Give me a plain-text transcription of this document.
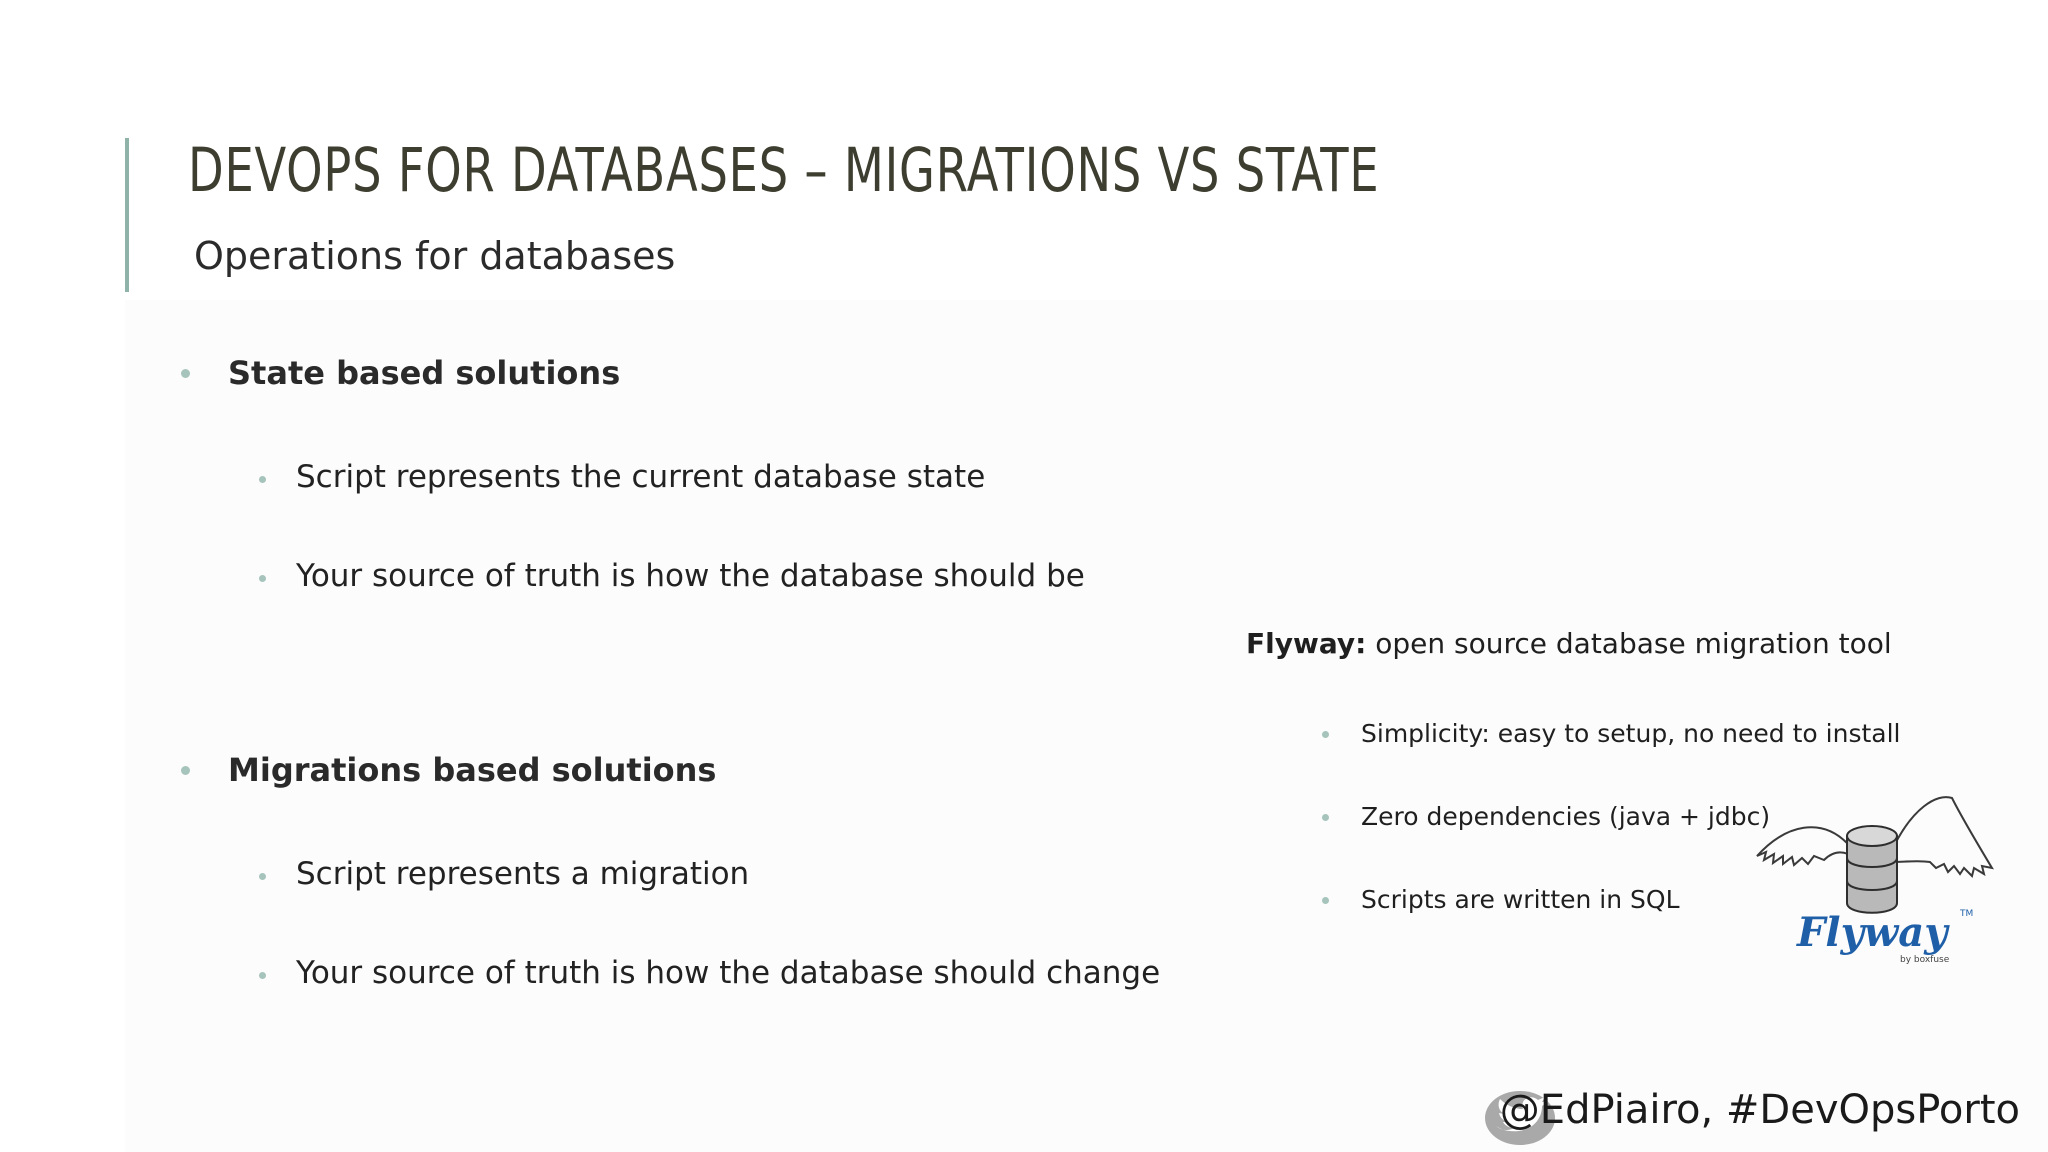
DEVOPS FOR DATABASES – MIGRATIONS VS STATE
Operations for databases
State based solutions
Script represents the current database state
Your source of truth is how the database should be
Migrations based solutions
Script represents a migration
Your source of truth is how the database should change
Flyway: open source database migration tool
Simplicity: easy to setup, no need to install
Zero dependencies (java + jdbc)
Scripts are written in SQL
Flyway	TM
by boxfuse
@EdPiairo, #DevOpsPorto
